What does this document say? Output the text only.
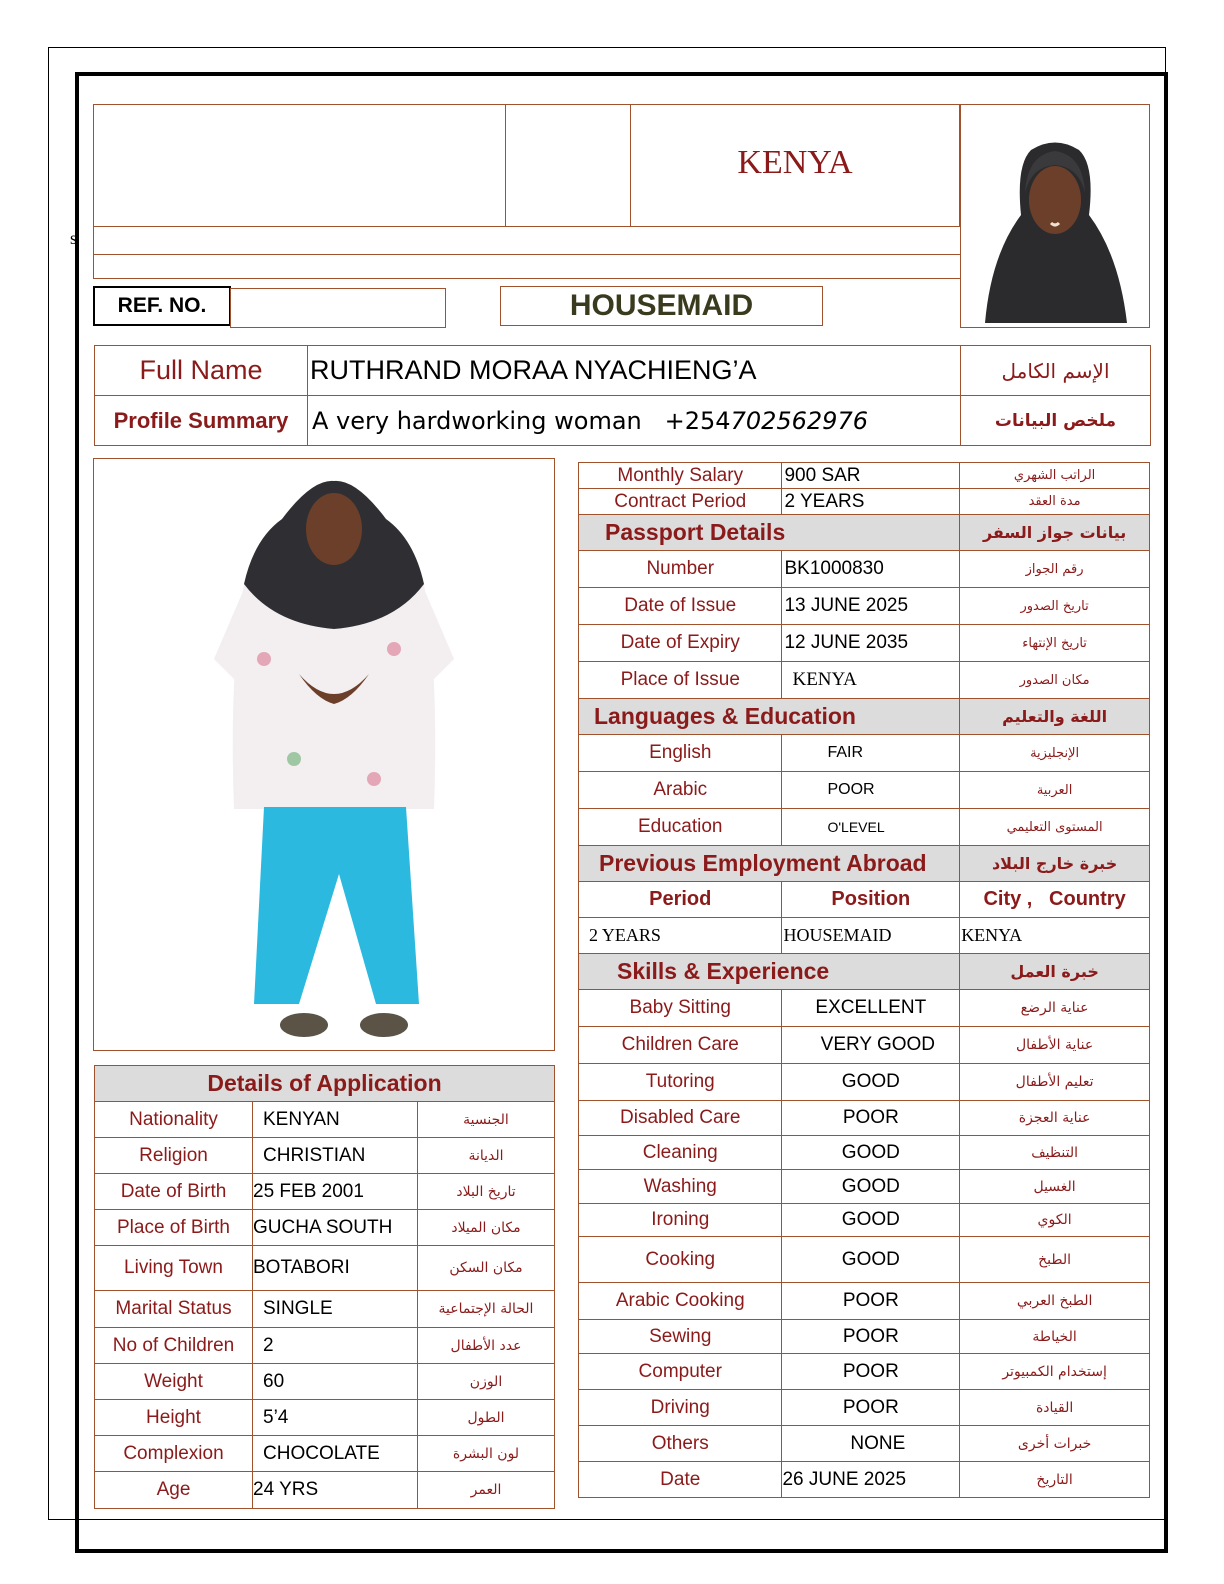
s
KENYA
REF. NO.	HOUSEMAID
Full Name	RUTHRAND MORAA NYACHIENG’A	الإسم الكامل
Profile Summary	A very hardworking woman +254702562976	ملخص البيانات
Details of Application		
Nationality	KENYAN	الجنسية
Religion	CHRISTIAN	الديانة
Date of Birth	25 FEB 2001	تاريخ البلاد
Place of Birth	GUCHA SOUTH	مكان الميلاد
Living Town	BOTABORI	مكان السكن
Marital Status	SINGLE	الحالة الإجتماعية
No of Children	2	عدد الأطفال
Weight	60	الوزن
Height	5’4	الطول
Complexion	CHOCOLATE	لون البشرة
Age	24 YRS	العمر
Monthly Salary	900 SAR	الراتب الشهري
Contract Period	2 YEARS	مدة العقد
Passport Details		بيانات جواز السفر
Number	BK1000830	رقم الجواز
Date of Issue	13 JUNE 2025	تاريخ الصدور
Date of Expiry	12 JUNE 2035	تاريخ الإنتهاء
Place of Issue	KENYA	مكان الصدور
Languages & Education		اللغة والتعليم
English	FAIR	الإنجليزية
Arabic	POOR	العربية
Education	O'LEVEL	المستوى التعليمي
Previous Employment Abroad		خبرة خارج البلاد
Period	Position	City ,   Country
2 YEARS	HOUSEMAID	KENYA
Skills & Experience		خبرة العمل
Baby Sitting	EXCELLENT	عناية الرضع
Children Care	VERY GOOD	عناية الأطفال
Tutoring	GOOD	تعليم الأطفال
Disabled Care	POOR	عناية العجزة
Cleaning	GOOD	التنظيف
Washing	GOOD	الغسيل
Ironing	GOOD	الكوي
Cooking	GOOD	الطبخ
Arabic Cooking	POOR	الطبخ العربي
Sewing	POOR	الخياطة
Computer	POOR	إستخدام الكمبيوتر
Driving	POOR	القيادة
Others	NONE	خبرات أخرى
Date	26 JUNE 2025	التاريخ
